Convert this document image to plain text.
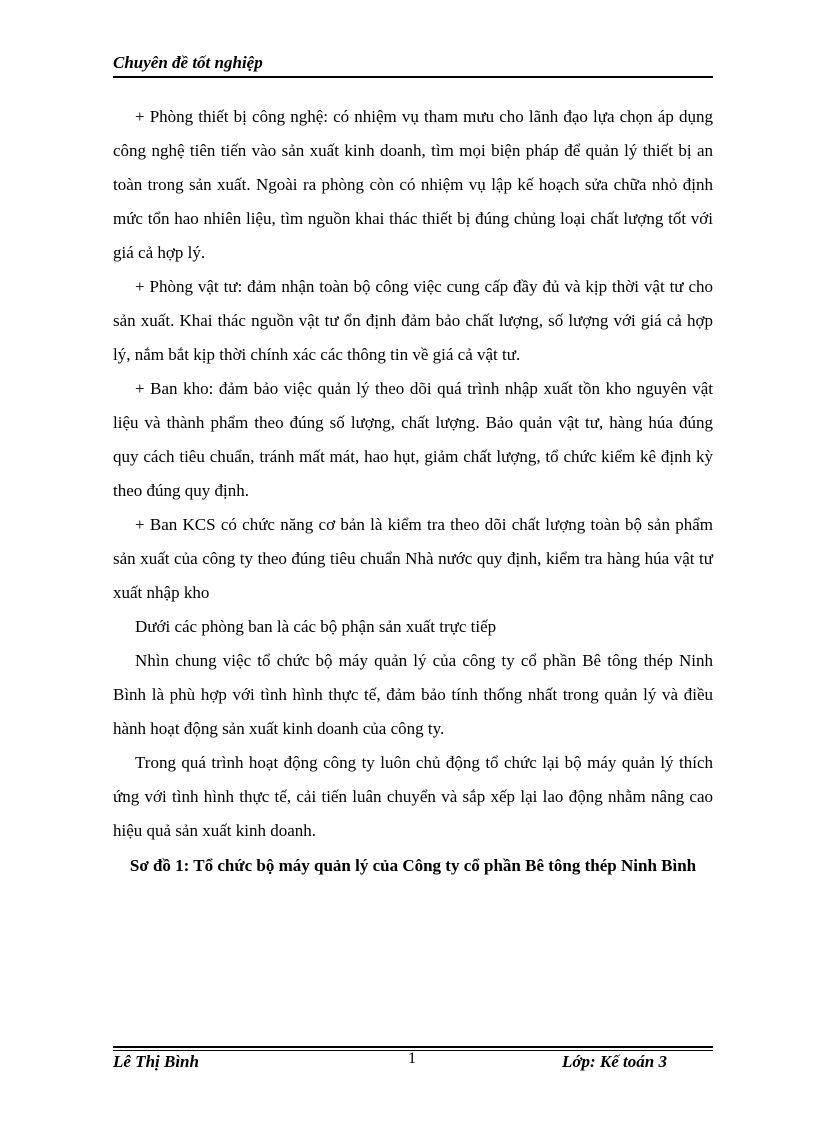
Chuyên đề tốt nghiệp

+ Phòng thiết bị công nghệ: có nhiệm vụ tham mưu cho lãnh đạo lựa chọn áp dụng công nghệ tiên tiến vào sản xuất kinh doanh, tìm mọi biện pháp để quản lý thiết bị an toàn trong sản xuất. Ngoài ra phòng còn có nhiệm vụ lập kế hoạch sửa chữa nhỏ định mức tổn hao nhiên liệu, tìm nguồn khai thác thiết bị đúng chủng loại chất lượng tốt với giá cả hợp lý.

+ Phòng vật tư: đảm nhận toàn bộ công việc cung cấp đầy đủ và kịp thời vật tư cho sản xuất. Khai thác nguồn vật tư ổn định đảm bảo chất lượng, số lượng với giá cả hợp lý, nắm bắt kịp thời chính xác các thông tin về giá cả vật tư.

+ Ban kho: đảm bảo việc quản lý theo dõi quá trình nhập xuất tồn kho nguyên vật liệu và thành phẩm theo đúng số lượng, chất lượng. Bảo quản vật tư, hàng húa đúng quy cách tiêu chuẩn, tránh mất mát, hao hụt, giảm chất lượng, tổ chức kiểm kê định kỳ theo đúng quy định.

+ Ban KCS có chức năng cơ bản là kiểm tra theo dõi chất lượng toàn bộ sản phẩm sản xuất của công ty theo đúng tiêu chuẩn Nhà nước quy định, kiểm tra hàng húa vật tư xuất nhập kho

Dưới các phòng ban là các bộ phận sản xuất trực tiếp

Nhìn chung việc tổ chức bộ máy quản lý của công ty cổ phần Bê tông thép Ninh Bình là phù hợp với tình hình thực tế, đảm bảo tính thống nhất trong quản lý và điều hành hoạt động sản xuất kinh doanh của công ty.

Trong quá trình hoạt động công ty luôn chủ động tổ chức lại bộ máy quản lý thích ứng với tình hình thực tế, cải tiến luân chuyển và sắp xếp lại lao động nhằm nâng cao hiệu quả sản xuất kinh doanh.

Sơ đồ 1: Tổ chức bộ máy quản lý của Công ty cổ phần Bê tông thép Ninh Bình
Lê Thị Bình	1	Lớp: Kế toán 3
